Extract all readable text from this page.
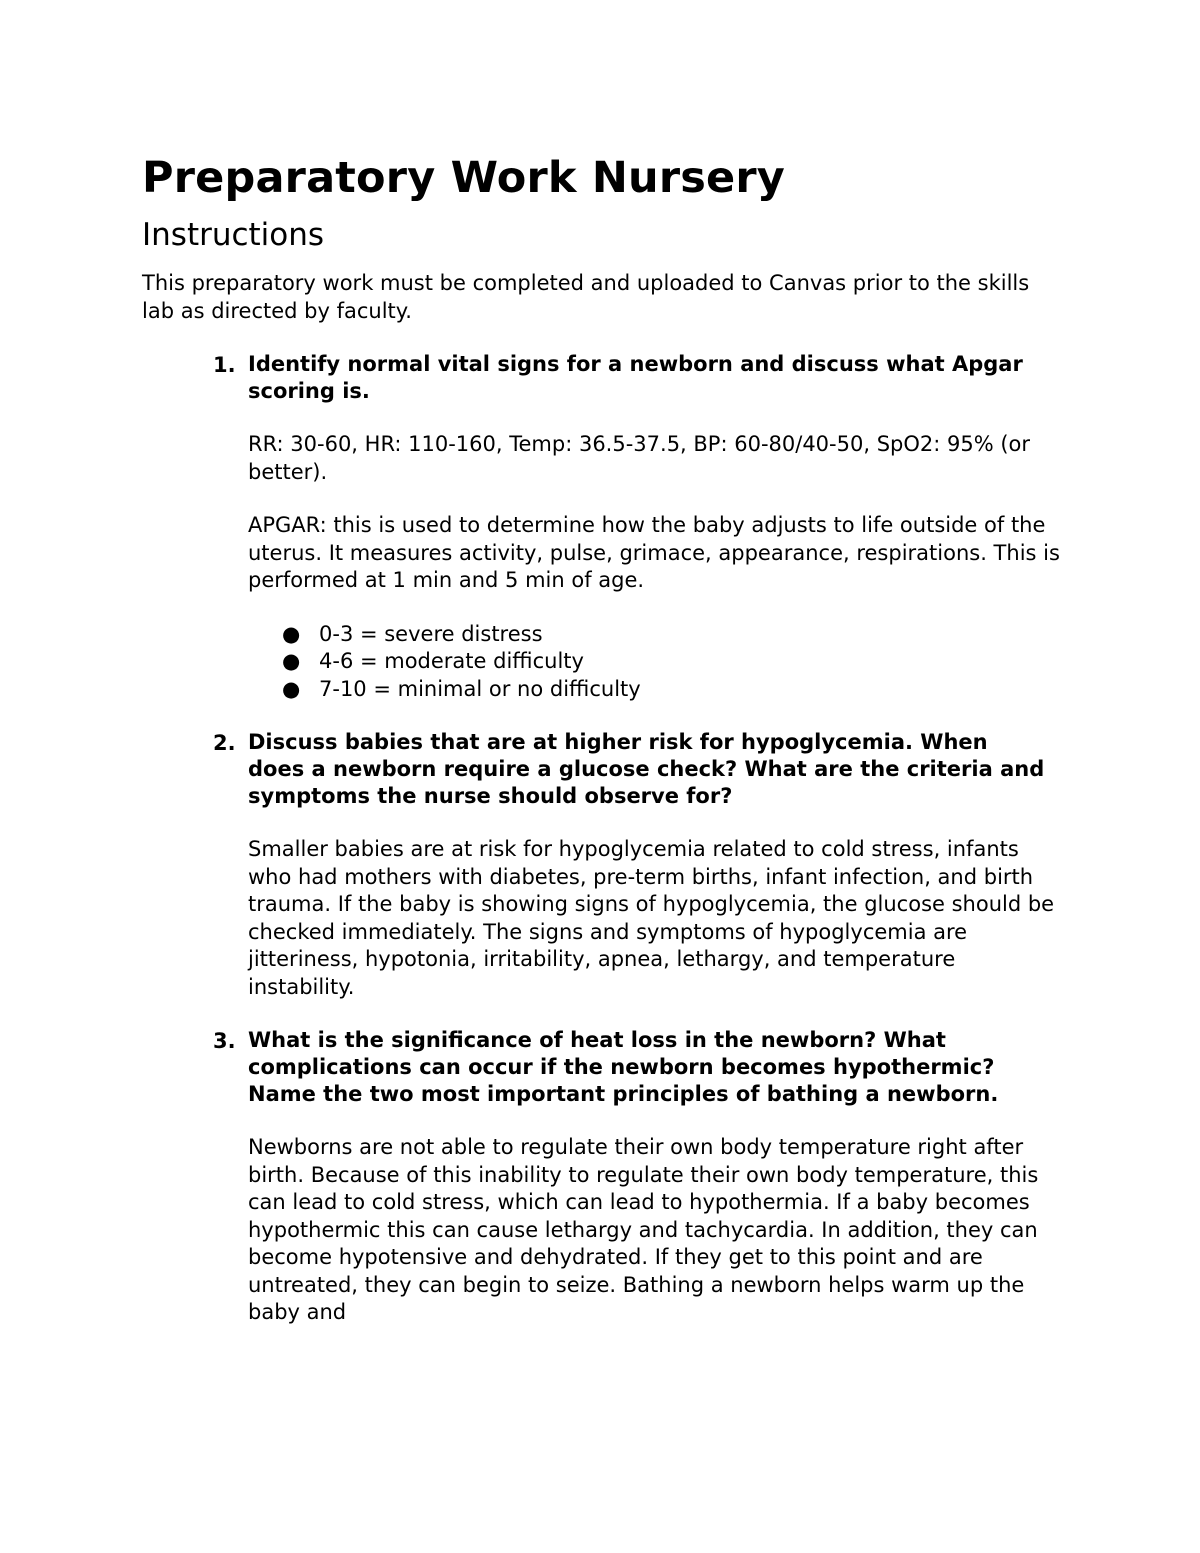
Preparatory Work Nursery
Instructions

This preparatory work must be completed and uploaded to Canvas prior to the skills lab as directed by faculty.

1. Identify normal vital signs for a newborn and discuss what Apgar scoring is.

RR: 30-60, HR: 110-160, Temp: 36.5-37.5, BP: 60-80/40-50, SpO2: 95% (or better).

APGAR: this is used to determine how the baby adjusts to life outside of the uterus. It measures activity, pulse, grimace, appearance, respirations. This is performed at 1 min and 5 min of age.

● 0-3 = severe distress
● 4-6 = moderate difficulty
● 7-10 = minimal or no difficulty
2. Discuss babies that are at higher risk for hypoglycemia. When does a newborn require a glucose check? What are the criteria and symptoms the nurse should observe for?

Smaller babies are at risk for hypoglycemia related to cold stress, infants who had mothers with diabetes, pre-term births, infant infection, and birth trauma. If the baby is showing signs of hypoglycemia, the glucose should be checked immediately. The signs and symptoms of hypoglycemia are jitteriness, hypotonia, irritability, apnea, lethargy, and temperature instability.

3. What is the significance of heat loss in the newborn? What complications can occur if the newborn becomes hypothermic? Name the two most important principles of bathing a newborn.

Newborns are not able to regulate their own body temperature right after birth. Because of this inability to regulate their own body temperature, this can lead to cold stress, which can lead to hypothermia. If a baby becomes hypothermic this can cause lethargy and tachycardia. In addition, they can become hypotensive and dehydrated. If they get to this point and are untreated, they can begin to seize. Bathing a newborn helps warm up the baby and
